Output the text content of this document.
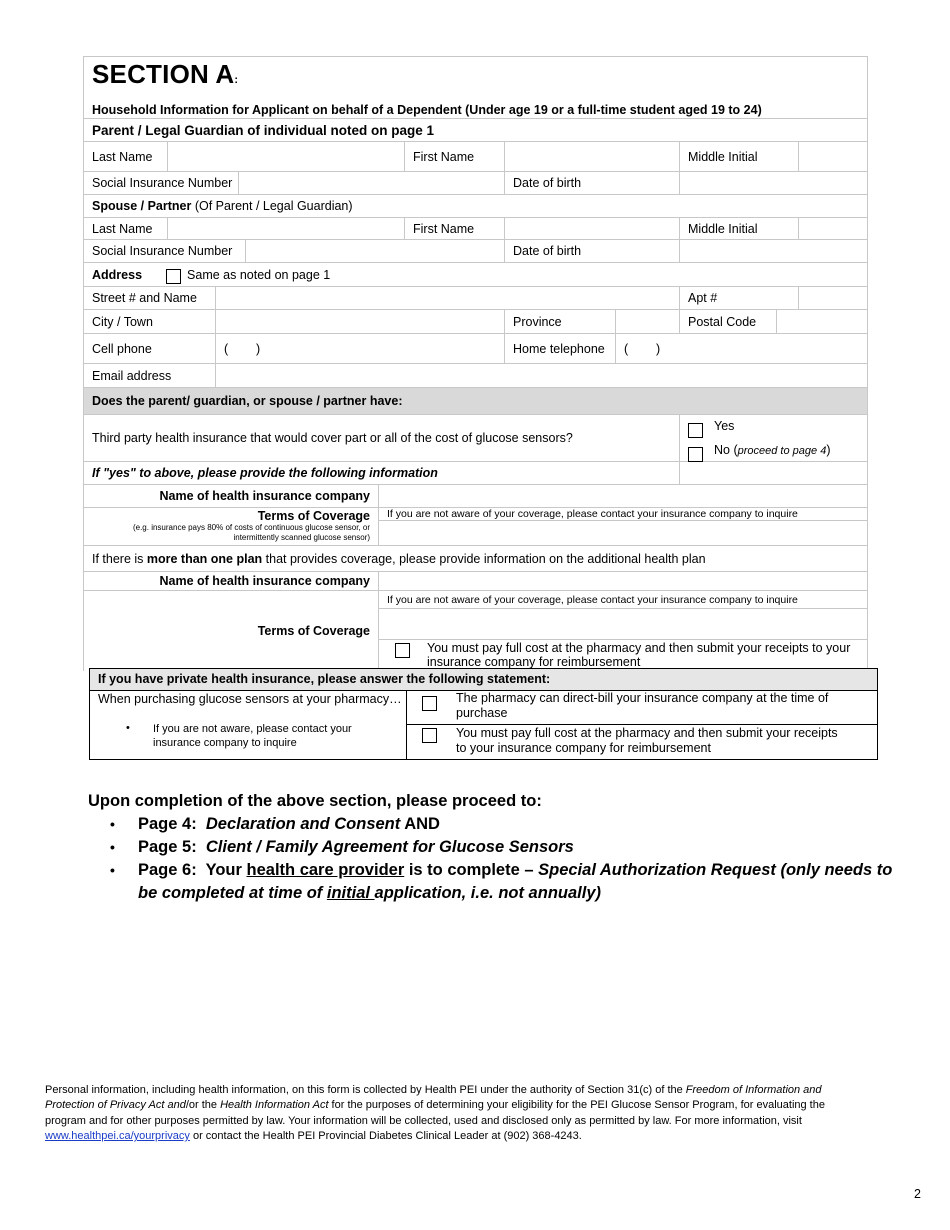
SECTION A:
Household Information for Applicant on behalf of a Dependent (Under age 19 or a full-time student aged 19 to 24)
Parent / Legal Guardian of individual noted on page 1
Last Name	First Name	Middle Initial
Social Insurance Number	Date of birth
Spouse / Partner (Of Parent / Legal Guardian)
Last Name	First Name	Middle Initial
Social Insurance Number	Date of birth
Address	Same as noted on page 1
Street # and Name	Apt #
City / Town	Province	Postal Code
Cell phone	(        )	Home telephone	(        )
Email address
Does the parent/ guardian, or spouse / partner have:
Third party health insurance that would cover part or all of the cost of glucose sensors?
Yes
No (proceed to page 4)
If "yes" to above, please provide the following information
Name of health insurance company
Terms of Coverage
(e.g. insurance pays 80% of costs of continuous glucose sensor, or
intermittently scanned glucose sensor)
If you are not aware of your coverage, please contact your insurance company to inquire
If there is more than one plan that provides coverage, please provide information on the additional health plan
Name of health insurance company
Terms of Coverage
If you are not aware of your coverage, please contact your insurance company to inquire
You must pay full cost at the pharmacy and then submit your receipts to your
insurance company for reimbursement
If you have private health insurance, please answer the following statement:
When purchasing glucose sensors at your pharmacy…
• If you are not aware, please contact your
insurance company to inquire
The pharmacy can direct-bill your insurance company at the time of
purchase
You must pay full cost at the pharmacy and then submit your receipts
to your insurance company for reimbursement
Upon completion of the above section, please proceed to:
• Page 4:  Declaration and Consent AND
• Page 5:  Client / Family Agreement for Glucose Sensors
• Page 6:  Your health care provider is to complete – Special Authorization Request (only needs to
be completed at time of initial application, i.e. not annually)
Personal information, including health information, on this form is collected by Health PEI under the authority of Section 31(c) of the Freedom of Information and
Protection of Privacy Act and/or the Health Information Act for the purposes of determining your eligibility for the PEI Glucose Sensor Program, for evaluating the
program and for other purposes permitted by law. Your information will be collected, used and disclosed only as permitted by law. For more information, visit
www.healthpei.ca/yourprivacy or contact the Health PEI Provincial Diabetes Clinical Leader at (902) 368-4243.
2
